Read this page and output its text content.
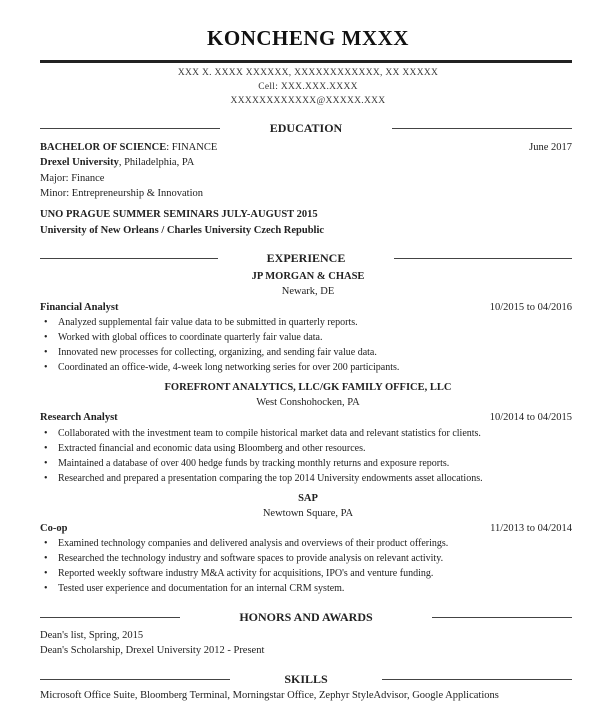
KONCHENG MXXX
XXX X. XXXX XXXXXX, XXXXXXXXXXXX, XX XXXXX
Cell: XXX.XXX.XXXX
XXXXXXXXXXXX@XXXXX.XXX
EDUCATION
BACHELOR OF SCIENCE: FINANCE	June 2017
Drexel University, Philadelphia, PA
Major: Finance
Minor: Entrepreneurship & Innovation
UNO PRAGUE SUMMER SEMINARS JULY-AUGUST 2015
University of New Orleans / Charles University Czech Republic
EXPERIENCE
JP MORGAN & CHASE
Newark, DE
Financial Analyst	10/2015 to 04/2016
• Analyzed supplemental fair value data to be submitted in quarterly reports.
• Worked with global offices to coordinate quarterly fair value data.
• Innovated new processes for collecting, organizing, and sending fair value data.
• Coordinated an office-wide, 4-week long networking series for over 200 participants.
FOREFRONT ANALYTICS, LLC/GK FAMILY OFFICE, LLC
West Conshohocken, PA
Research Analyst	10/2014 to 04/2015
• Collaborated with the investment team to compile historical market data and relevant statistics for clients.
• Extracted financial and economic data using Bloomberg and other resources.
• Maintained a database of over 400 hedge funds by tracking monthly returns and exposure reports.
• Researched and prepared a presentation comparing the top 2014 University endowments asset allocations.
SAP
Newtown Square, PA
Co-op	11/2013 to 04/2014
• Examined technology companies and delivered analysis and overviews of their product offerings.
• Researched the technology industry and software spaces to provide analysis on relevant activity.
• Reported weekly software industry M&A activity for acquisitions, IPO's and venture funding.
• Tested user experience and documentation for an internal CRM system.
HONORS AND AWARDS
Dean's list, Spring, 2015
Dean's Scholarship, Drexel University 2012 - Present
SKILLS
Microsoft Office Suite, Bloomberg Terminal, Morningstar Office, Zephyr StyleAdvisor, Google Applications
